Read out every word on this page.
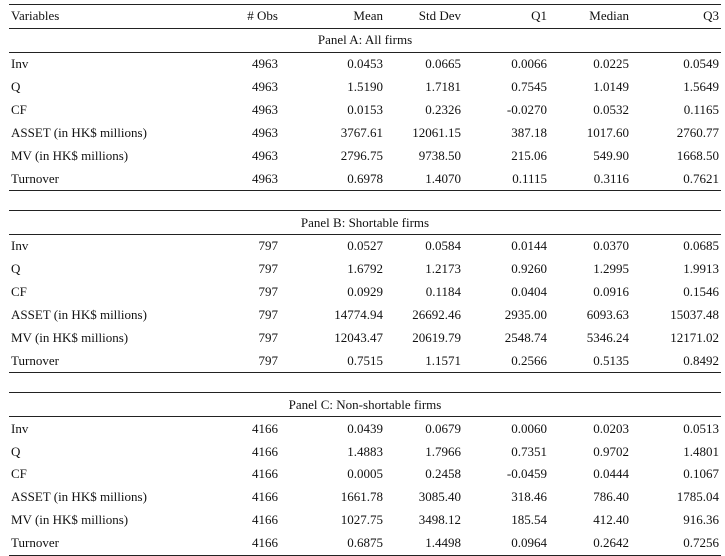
Variables	# Obs	Mean	Std Dev	Q1	Median	Q3
Panel A: All firms						
Inv	4963	0.0453	0.0665	0.0066	0.0225	0.0549
Q	4963	1.5190	1.7181	0.7545	1.0149	1.5649
CF	4963	0.0153	0.2326	-0.0270	0.0532	0.1165
ASSET (in HK$ millions)	4963	3767.61	12061.15	387.18	1017.60	2760.77
MV (in HK$ millions)	4963	2796.75	9738.50	215.06	549.90	1668.50
Turnover	4963	0.6978	1.4070	0.1115	0.3116	0.7621

Panel B: Shortable firms						
Inv	797	0.0527	0.0584	0.0144	0.0370	0.0685
Q	797	1.6792	1.2173	0.9260	1.2995	1.9913
CF	797	0.0929	0.1184	0.0404	0.0916	0.1546
ASSET (in HK$ millions)	797	14774.94	26692.46	2935.00	6093.63	15037.48
MV (in HK$ millions)	797	12043.47	20619.79	2548.74	5346.24	12171.02
Turnover	797	0.7515	1.1571	0.2566	0.5135	0.8492

Panel C: Non-shortable firms						
Inv	4166	0.0439	0.0679	0.0060	0.0203	0.0513
Q	4166	1.4883	1.7966	0.7351	0.9702	1.4801
CF	4166	0.0005	0.2458	-0.0459	0.0444	0.1067
ASSET (in HK$ millions)	4166	1661.78	3085.40	318.46	786.40	1785.04
MV (in HK$ millions)	4166	1027.75	3498.12	185.54	412.40	916.36
Turnover	4166	0.6875	1.4498	0.0964	0.2642	0.7256
